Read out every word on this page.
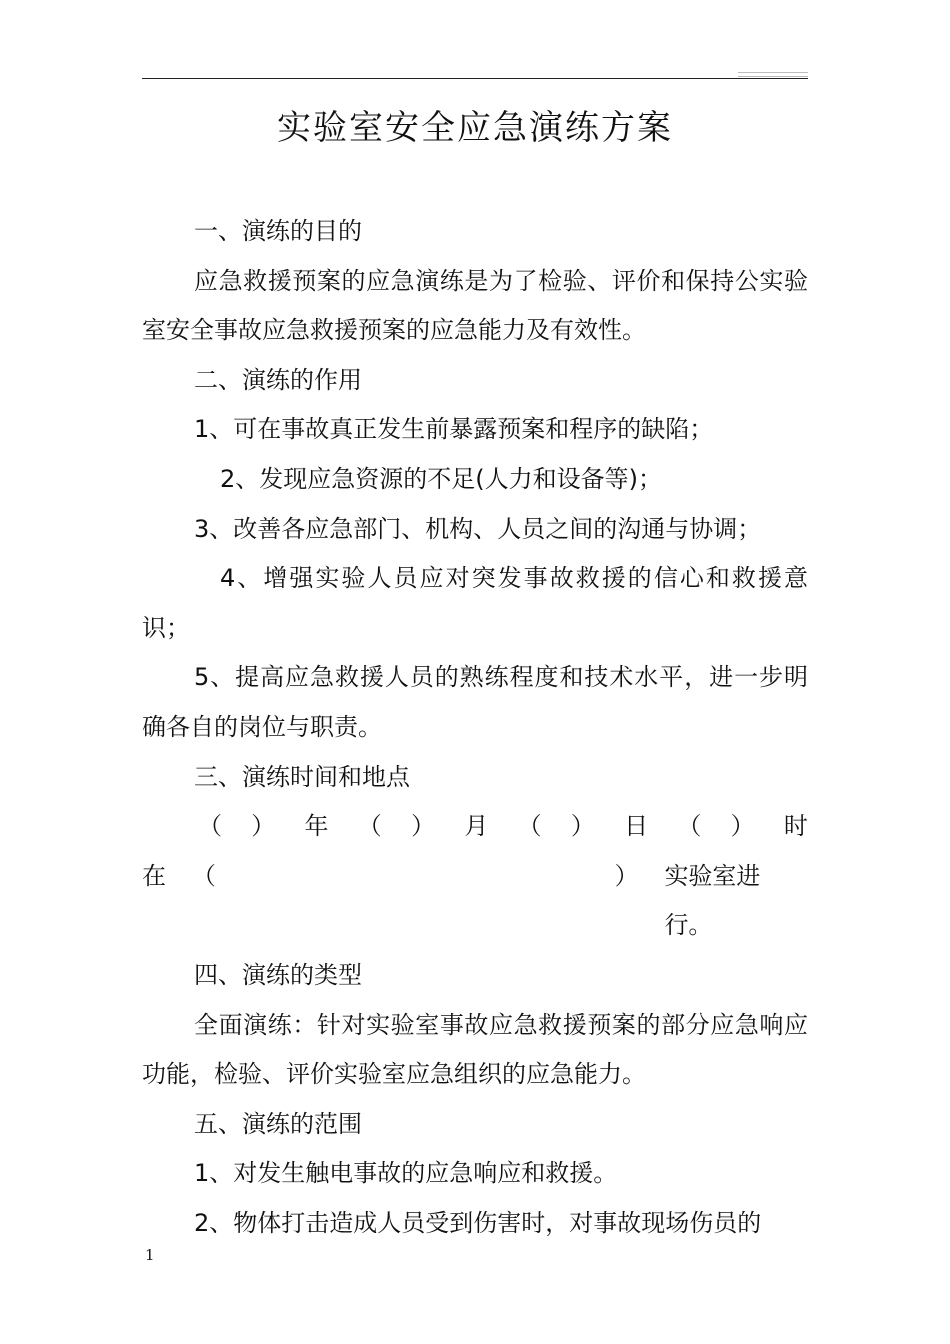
实验室安全应急演练方案

一、演练的目的

应急救援预案的应急演练是为了检验、评价和保持公实验室安全事故应急救援预案的应急能力及有效性。

二、演练的作用

1、可在事故真正发生前暴露预案和程序的缺陷；

2、发现应急资源的不足(人力和设备等)；

3、改善各应急部门、机构、人员之间的沟通与协调；

4、增强实验人员应对突发事故救援的信心和救援意识；

5、提高应急救援人员的熟练程度和技术水平，进一步明确各自的岗位与职责。

三、演练时间和地点

（ ） 年 （ ） 月 （ ） 日 （ ） 时
在	（	）	实验室进行。

四、演练的类型

全面演练：针对实验室事故应急救援预案的部分应急响应功能，检验、评价实验室应急组织的应急能力。

五、演练的范围

1、对发生触电事故的应急响应和救援。

2、物体打击造成人员受到伤害时，对事故现场伤员的

1
